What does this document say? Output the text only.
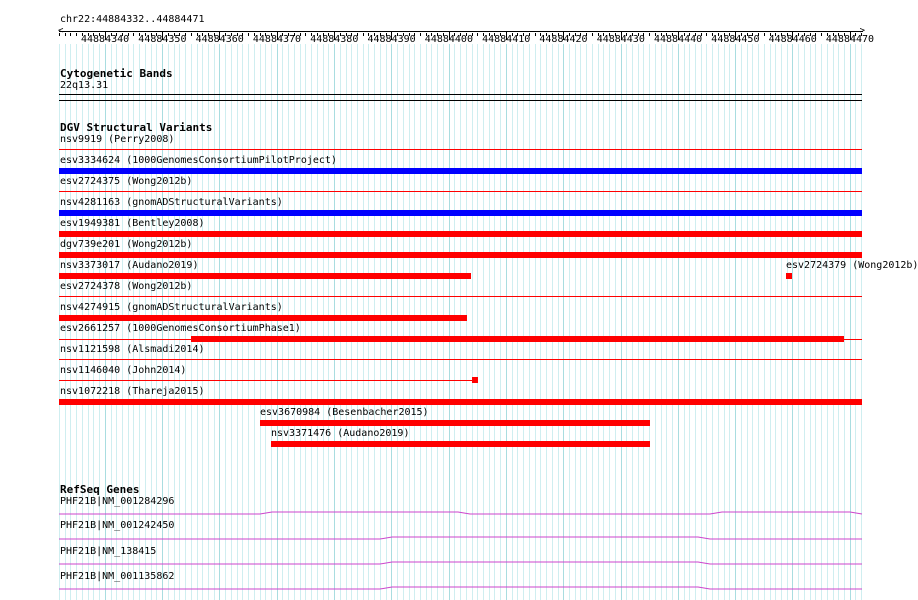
chr22:44884332..44884471
<	>
44884340 44884350 44884360 44884370 44884380 44884390 44884400 44884410 44884420 44884430 44884440 44884450 44884460 44884470
Cytogenetic Bands
22q13.31
DGV Structural Variants
nsv9919 (Perry2008)
esv3334624 (1000GenomesConsortiumPilotProject)
esv2724375 (Wong2012b)
nsv4281163 (gnomADStructuralVariants)
esv1949381 (Bentley2008)
dgv739e201 (Wong2012b)
nsv3373017 (Audano2019)	esv2724379 (Wong2012b)
esv2724378 (Wong2012b)
nsv4274915 (gnomADStructuralVariants)
esv2661257 (1000GenomesConsortiumPhase1)
nsv1121598 (Alsmadi2014)
nsv1146040 (John2014)
nsv1072218 (Thareja2015)
esv3670984 (Besenbacher2015)
nsv3371476 (Audano2019)
RefSeq Genes
PHF21B|NM_001284296
PHF21B|NM_001242450
PHF21B|NM_138415
PHF21B|NM_001135862
